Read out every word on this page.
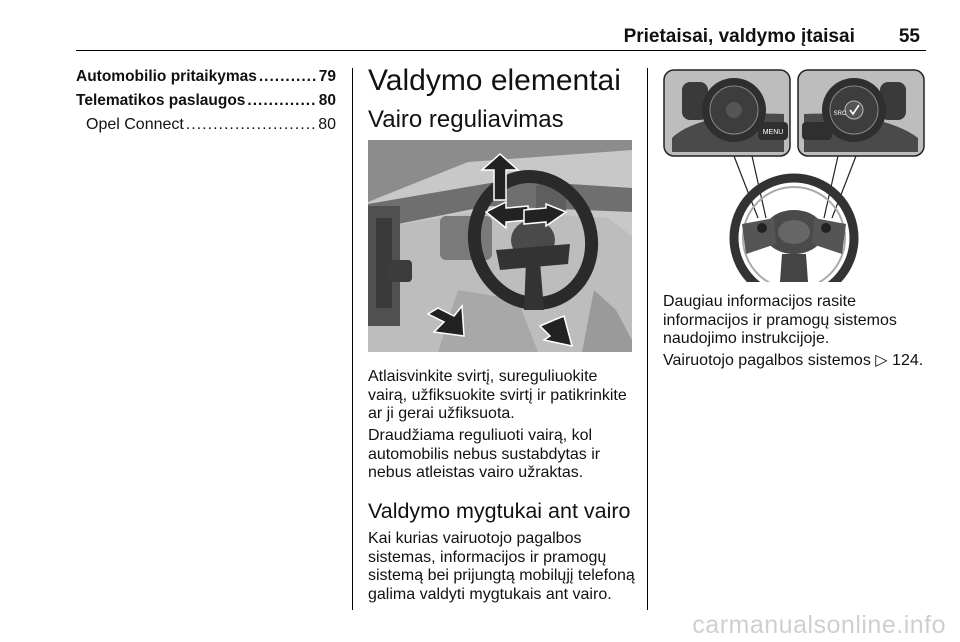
Prietaisai, valdymo įtaisai 55
Automobilio pritaikymas .....	79
Telematikos paslaugos .....	80
Opel Connect .....	80
Valdymo elementai
Vairo reguliavimas
Atlaisvinkite svirtį, sureguliuokite
vairą, užfiksuokite svirtį ir patikrinkite
ar ji gerai užfiksuota.
Draudžiama reguliuoti vairą, kol
automobilis nebus sustabdytas ir
nebus atleistas vairo užraktas.
Valdymo mygtukai ant vairo
Kai kurias vairuotojo pagalbos
sistemas, informacijos ir pramogų
sistemą bei prijungtą mobilųjį telefoną
galima valdyti mygtukais ant vairo.
MENU
SRC
Daugiau informacijos rasite
informacijos ir pramogų sistemos
naudojimo instrukcijoje.
Vairuotojo pagalbos sistemos ▷ 124.
carmanualsonline.info
